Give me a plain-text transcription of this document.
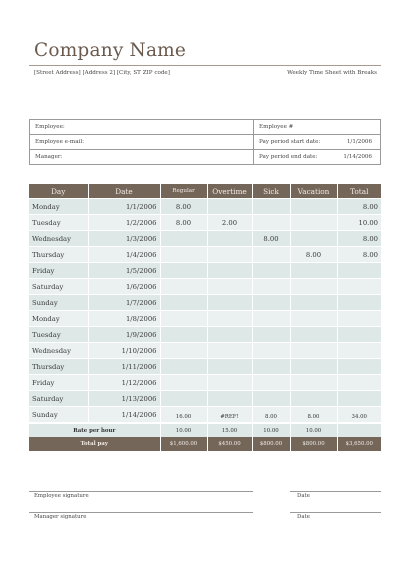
Company Name
[Street Address] [Address 2] [City, ST ZIP code]	Weekly Time Sheet with Breaks
Employee:
Employee e-mail:
Manager:
Employee #
Pay period start date:	1/1/2006
Pay period end date:	1/14/2006
Day	Date	Regular	Overtime	Sick	Vacation	Total
Monday	1/1/2006	8.00				8.00
Tuesday	1/2/2006	8.00	2.00			10.00
Wednesday	1/3/2006			8.00		8.00
Thursday	1/4/2006				8.00	8.00
Friday	1/5/2006					
Saturday	1/6/2006					
Sunday	1/7/2006					
Monday	1/8/2006					
Tuesday	1/9/2006					
Wednesday	1/10/2006					
Thursday	1/11/2006					
Friday	1/12/2006					
Saturday	1/13/2006					
Sunday	1/14/2006					
		16.00	#REF!	8.00	8.00	34.00
Rate per hour	10.00	15.00	10.00	10.00	
Total pay	$1,600.00	$450.00	$800.00	$800.00	$3,650.00
Employee signature	Date
Manager signature	Date
